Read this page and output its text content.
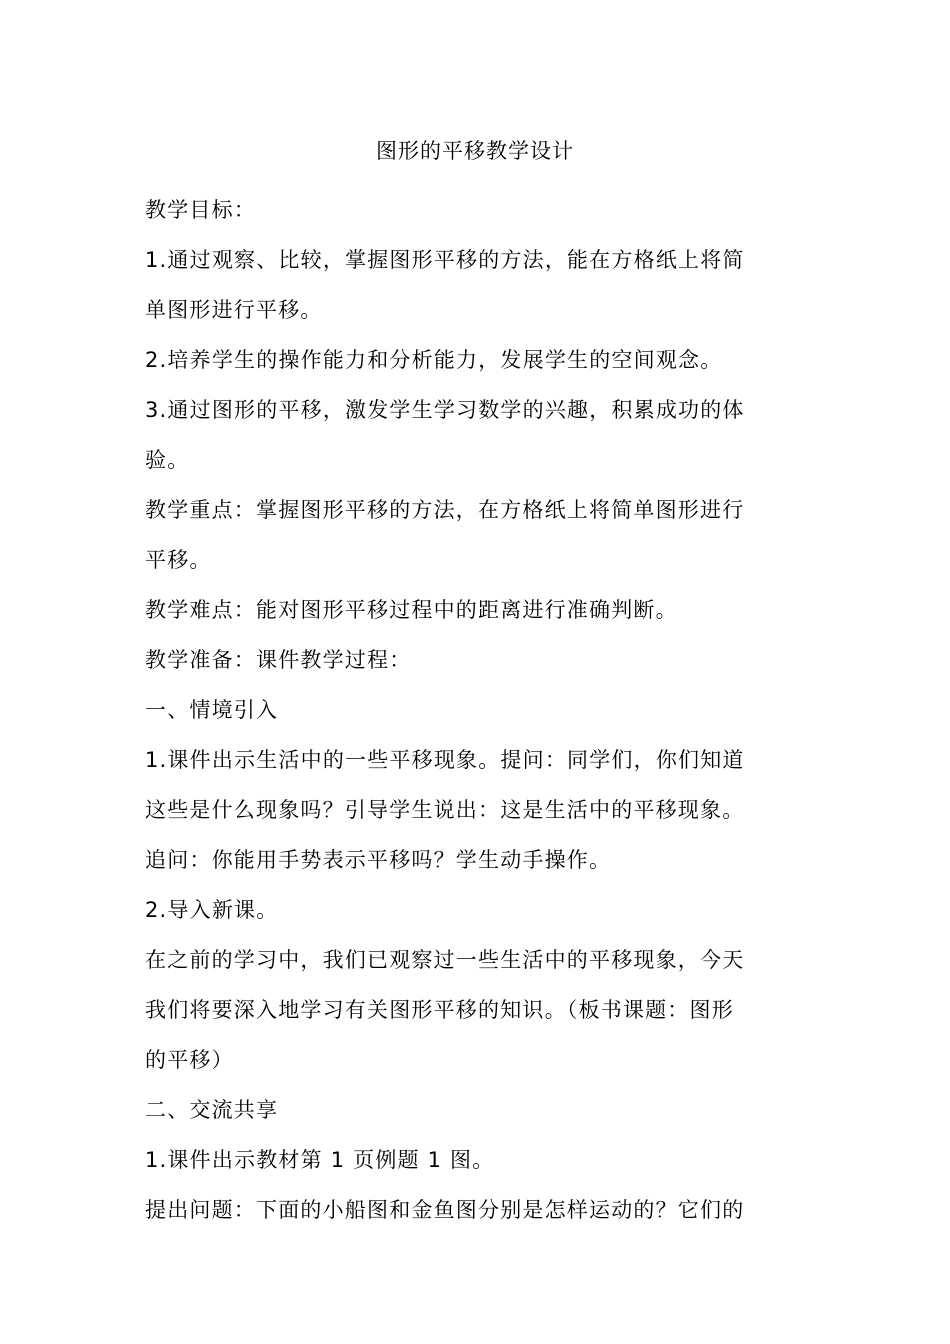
图形的平移教学设计

教学目标：

1.通过观察、比较，掌握图形平移的方法，能在方格纸上将简

单图形进行平移。

2.培养学生的操作能力和分析能力，发展学生的空间观念。

3.通过图形的平移，激发学生学习数学的兴趣，积累成功的体

验。

教学重点：掌握图形平移的方法，在方格纸上将简单图形进行

平移。

教学难点：能对图形平移过程中的距离进行准确判断。

教学准备：课件教学过程：

一、情境引入

1.课件出示生活中的一些平移现象。提问：同学们，你们知道

这些是什么现象吗？引导学生说出：这是生活中的平移现象。

追问：你能用手势表示平移吗？学生动手操作。

2.导入新课。

在之前的学习中，我们已观察过一些生活中的平移现象，今天

我们将要深入地学习有关图形平移的知识。（板书课题：图形

的平移）

二、交流共享

1.课件出示教材第 1 页例题 1 图。

提出问题：下面的小船图和金鱼图分别是怎样运动的？它们的
